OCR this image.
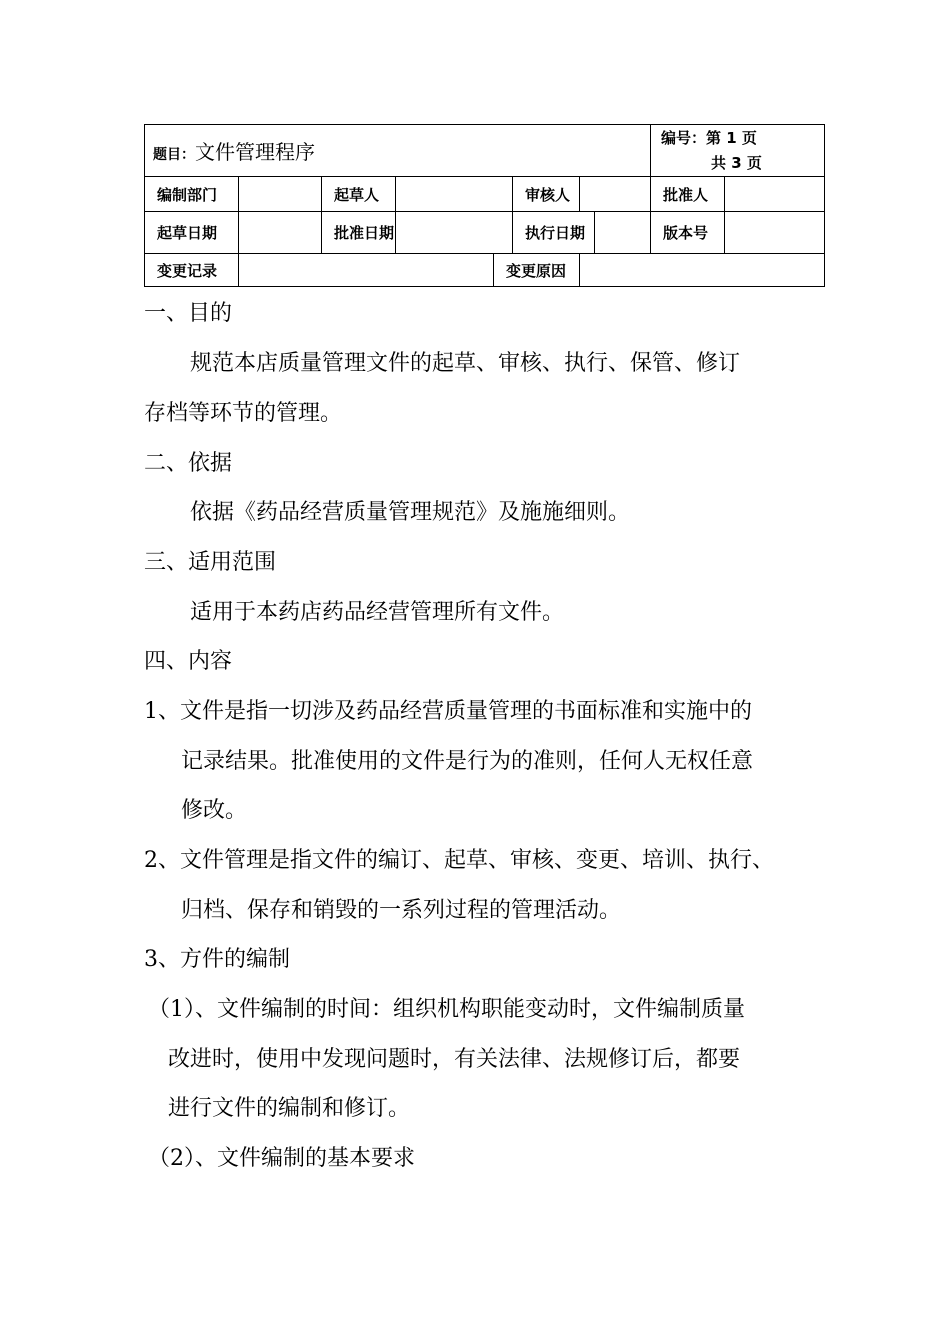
题目：文件管理程序								编号：第 1 页
共 3 页	

编制部门		起草人			审核人			批准人	
起草日期		批准日期			执行日期			版本号	
变更记录				变更原因					
一、目的
规范本店质量管理文件的起草、审核、执行、保管、修订
存档等环节的管理。
二、依据
依据《药品经营质量管理规范》及施施细则。
三、适用范围
适用于本药店药品经营管理所有文件。
四、内容
1、文件是指一切涉及药品经营质量管理的书面标准和实施中的
记录结果。批准使用的文件是行为的准则，任何人无权任意
修改。
2、文件管理是指文件的编订、起草、审核、变更、培训、执行、
归档、保存和销毁的一系列过程的管理活动。
3、方件的编制
（1）、文件编制的时间：组织机构职能变动时，文件编制质量
改进时，使用中发现问题时，有关法律、法规修订后，都要
进行文件的编制和修订。
（2）、文件编制的基本要求
